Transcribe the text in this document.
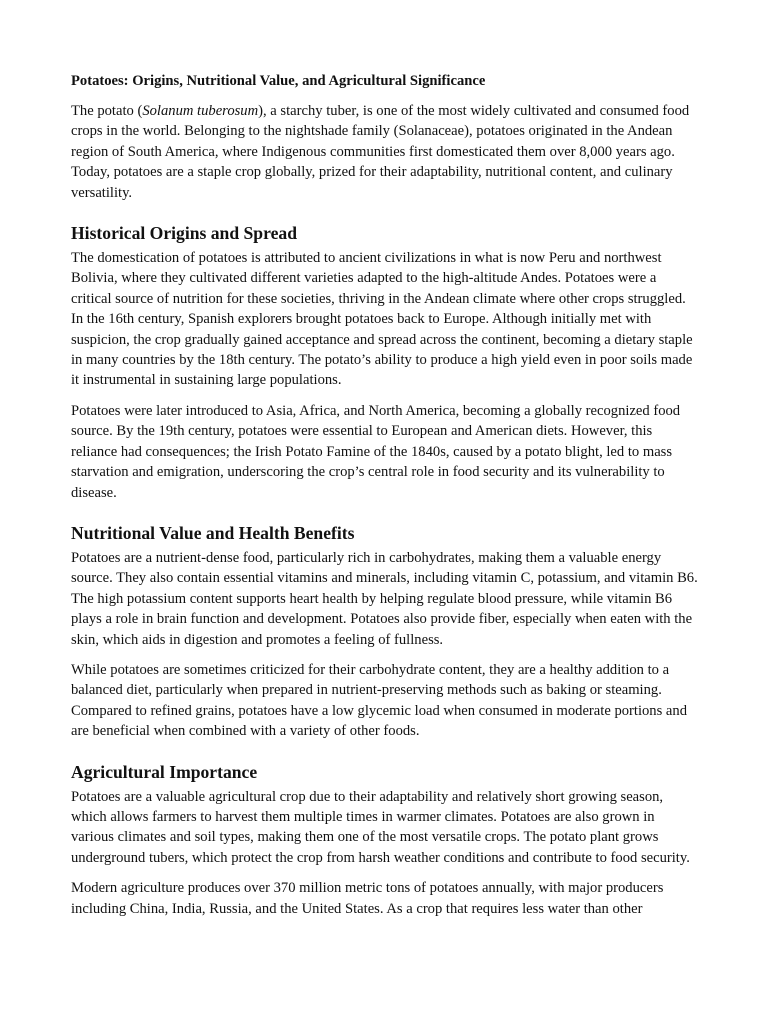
Potatoes: Origins, Nutritional Value, and Agricultural Significance

The potato (Solanum tuberosum), a starchy tuber, is one of the most widely cultivated and consumed food crops in the world. Belonging to the nightshade family (Solanaceae), potatoes originated in the Andean region of South America, where Indigenous communities first domesticated them over 8,000 years ago. Today, potatoes are a staple crop globally, prized for their adaptability, nutritional content, and culinary versatility.

Historical Origins and Spread

The domestication of potatoes is attributed to ancient civilizations in what is now Peru and northwest Bolivia, where they cultivated different varieties adapted to the high-altitude Andes. Potatoes were a critical source of nutrition for these societies, thriving in the Andean climate where other crops struggled. In the 16th century, Spanish explorers brought potatoes back to Europe. Although initially met with suspicion, the crop gradually gained acceptance and spread across the continent, becoming a dietary staple in many countries by the 18th century. The potato’s ability to produce a high yield even in poor soils made it instrumental in sustaining large populations.

Potatoes were later introduced to Asia, Africa, and North America, becoming a globally recognized food source. By the 19th century, potatoes were essential to European and American diets. However, this reliance had consequences; the Irish Potato Famine of the 1840s, caused by a potato blight, led to mass starvation and emigration, underscoring the crop’s central role in food security and its vulnerability to disease.

Nutritional Value and Health Benefits

Potatoes are a nutrient-dense food, particularly rich in carbohydrates, making them a valuable energy source. They also contain essential vitamins and minerals, including vitamin C, potassium, and vitamin B6. The high potassium content supports heart health by helping regulate blood pressure, while vitamin B6 plays a role in brain function and development. Potatoes also provide fiber, especially when eaten with the skin, which aids in digestion and promotes a feeling of fullness.

While potatoes are sometimes criticized for their carbohydrate content, they are a healthy addition to a balanced diet, particularly when prepared in nutrient-preserving methods such as baking or steaming. Compared to refined grains, potatoes have a low glycemic load when consumed in moderate portions and are beneficial when combined with a variety of other foods.

Agricultural Importance

Potatoes are a valuable agricultural crop due to their adaptability and relatively short growing season, which allows farmers to harvest them multiple times in warmer climates. Potatoes are also grown in various climates and soil types, making them one of the most versatile crops. The potato plant grows underground tubers, which protect the crop from harsh weather conditions and contribute to food security.

Modern agriculture produces over 370 million metric tons of potatoes annually, with major producers including China, India, Russia, and the United States. As a crop that requires less water than other
